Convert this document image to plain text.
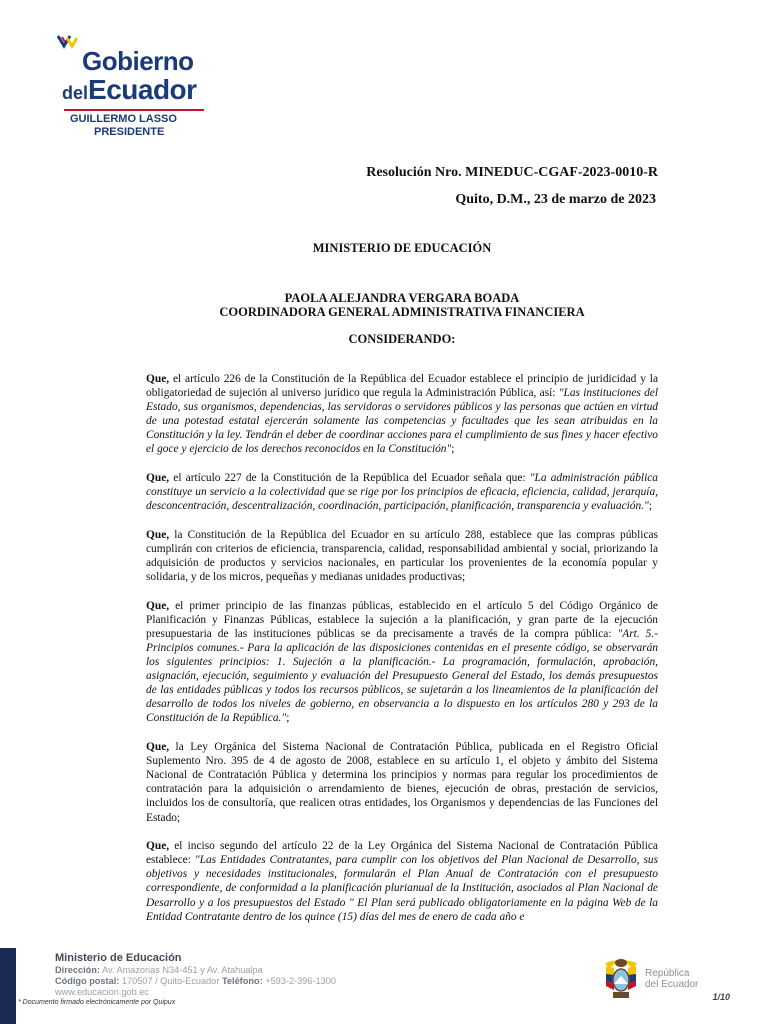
Gobierno
delEcuador
GUILLERMO LASSO
PRESIDENTE
Resolución Nro. MINEDUC-CGAF-2023-0010-R
Quito, D.M., 23 de marzo de 2023
MINISTERIO DE EDUCACIÓN
PAOLA ALEJANDRA VERGARA BOADA
COORDINADORA GENERAL ADMINISTRATIVA FINANCIERA
CONSIDERANDO:

Que, el artículo 226 de la Constitución de la República del Ecuador establece el principio de juridicidad y la obligatoriedad de sujeción al universo jurídico que regula la Administración Pública, así: "Las instituciones del Estado, sus organismos, dependencias, las servidoras o servidores públicos y las personas que actúen en virtud de una potestad estatal ejercerán solamente las competencias y facultades que les sean atribuidas en la Constitución y la ley. Tendrán el deber de coordinar acciones para el cumplimiento de sus fines y hacer efectivo el goce y ejercicio de los derechos reconocidos en la Constitución";

Que, el artículo 227 de la Constitución de la República del Ecuador señala que: "La administración pública constituye un servicio a la colectividad que se rige por los principios de eficacia, eficiencia, calidad, jerarquía, desconcentración, descentralización, coordinación, participación, planificación, transparencia y evaluación.";

Que, la Constitución de la República del Ecuador en su artículo 288, establece que las compras públicas cumplirán con criterios de eficiencia, transparencia, calidad, responsabilidad ambiental y social, priorizando la adquisición de productos y servicios nacionales, en particular los provenientes de la economía popular y solidaria, y de los micros, pequeñas y medianas unidades productivas;

Que, el primer principio de las finanzas públicas, establecido en el artículo 5 del Código Orgánico de Planificación y Finanzas Públicas, establece la sujeción a la planificación, y gran parte de la ejecución presupuestaria de las instituciones públicas se da precisamente a través de la compra pública: "Art. 5.- Principios comunes.- Para la aplicación de las disposiciones contenidas en el presente código, se observarán los siguientes principios: 1. Sujeción a la planificación.- La programación, formulación, aprobación, asignación, ejecución, seguimiento y evaluación del Presupuesto General del Estado, los demás presupuestos de las entidades públicas y todos los recursos públicos, se sujetarán a los lineamientos de la planificación del desarrollo de todos los niveles de gobierno, en observancia a lo dispuesto en los artículos 280 y 293 de la Constitución de la República.";

Que, la Ley Orgánica del Sistema Nacional de Contratación Pública, publicada en el Registro Oficial Suplemento Nro. 395 de 4 de agosto de 2008, establece en su artículo 1, el objeto y ámbito del Sistema Nacional de Contratación Pública y determina los principios y normas para regular los procedimientos de contratación para la adquisición o arrendamiento de bienes, ejecución de obras, prestación de servicios, incluidos los de consultoría, que realicen otras entidades, los Organismos y dependencias de las Funciones del Estado;

Que, el inciso segundo del artículo 22 de la Ley Orgánica del Sistema Nacional de Contratación Pública establece: "Las Entidades Contratantes, para cumplir con los objetivos del Plan Nacional de Desarrollo, sus objetivos y necesidades institucionales, formularán el Plan Anual de Contratación con el presupuesto correspondiente, de conformidad a la planificación plurianual de la Institución, asociados al Plan Nacional de Desarrollo y a los presupuestos del Estado " El Plan será publicado obligatoriamente en la página Web de la Entidad Contratante dentro de los quince (15) días del mes de enero de cada año e

Ministerio de Educación
Dirección: Av. Amazonas N34-451 y Av. Atahualpa
Código postal: 170507 / Quito-Ecuador Teléfono: +593-2-396-1300
www.educacion.gob.ec
* Documento firmado electrónicamente por Quipux
República
del Ecuador
1/10
